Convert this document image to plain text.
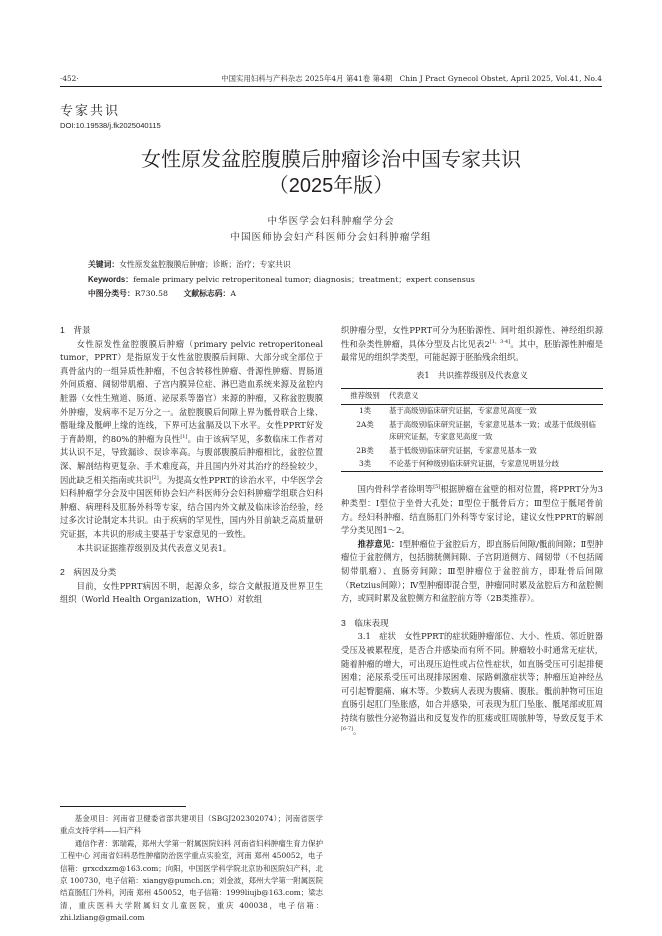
·452·	中国实用妇科与产科杂志 2025年4月 第41卷 第4期　Chin J Pract Gynecol Obstet, April 2025, Vol.41, No.4
专家共识
DOI:10.19538/j.fk2025040115
女性原发盆腔腹膜后肿瘤诊治中国专家共识
（2025年版）
中华医学会妇科肿瘤学分会
中国医师协会妇产科医师分会妇科肿瘤学组
关键词：女性原发盆腔腹膜后肿瘤；诊断；治疗；专家共识
Keywords：female primary pelvic retroperitoneal tumor; diagnosis；treatment；expert consensus
中图分类号：R730.58   文献标志码：A
1　背景

女性原发性盆腔腹膜后肿瘤（primary pelvic retroperitoneal tumor，PPRT）是指原发于女性盆腔腹膜后间隙、大部分或全部位于真骨盆内的一组异质性肿瘤，不包含转移性肿瘤、骨源性肿瘤、胃肠道外间质瘤、阔韧带肌瘤、子宫内膜异位症、淋巴造血系统来源及盆腔内脏器（女性生殖道、肠道、泌尿系等器官）来源的肿瘤，又称盆腔腹膜外肿瘤，发病率不足万分之一。盆腔腹膜后间隙上界为骶骨联合上缘、髂耻缘及骶岬上缘的连线，下界可达盆膈及以下水平。女性PPRT好发于育龄期，约80%的肿瘤为良性[1]。由于该病罕见，多数临床工作者对其认识不足，导致漏诊、误诊率高。与腹部腹膜后肿瘤相比，盆腔位置深、解剖结构更复杂、手术难度高，并且国内外对其治疗的经验较少，因此缺乏相关指南或共识[2]。为提高女性PPRT的诊治水平，中华医学会妇科肿瘤学分会及中国医师协会妇产科医师分会妇科肿瘤学组联合妇科肿瘤、病理科及肛肠外科等专家，结合国内外文献及临床诊治经验，经过多次讨论制定本共识。由于疾病的罕见性，国内外目前缺乏高质量研究证据，本共识的形成主要基于专家意见的一致性。

本共识证据推荐级别及其代表意义见表1。

2　病因及分类

目前，女性PPRT病因不明，起源众多，综合文献报道及世界卫生组织（World Health Organization，WHO）对软组

基金项目：河南省卫健委省部共建项目（SBGJ202302074）；河南省医学重点支持学科——妇产科

通信作者：郭瑞霞，郑州大学第一附属医院妇科 河南省妇科肿瘤生育力保护工程中心 河南省妇科恶性肿瘤防治医学重点实验室，河南 郑州 450052，电子信箱：grxcdxzm@163.com；向阳，中国医学科学院北京协和医院妇产科，北京 100730，电子信箱：xiangy@pumch.cn；刘金波，郑州大学第一附属医院结直肠肛门外科，河南 郑州 450052，电子信箱：1999liujb@163.com；梁志清，重庆医科大学附属妇女儿童医院，重庆 400038，电子信箱：zhi.lzliang@gmail.com

织肿瘤分型，女性PPRT可分为胚胎源性、间叶组织源性、神经组织源性和杂类性肿瘤，具体分型及占比见表2[1，3-4]。其中，胚胎源性肿瘤是最常见的组织学类型，可能起源于胚胎残余组织。

表1　共识推荐级别及代表意义
推荐级别	代表意义
1类	基于高级别临床研究证据，专家意见高度一致
2A类	基于高级别临床研究证据，专家意见基本一致；或基于低级别临床研究证据，专家意见高度一致
2B类	基于低级别临床研究证据，专家意见基本一致
3类	不论基于何种级别临床研究证据，专家意见明显分歧

国内骨科学者徐明等[5]根据肿瘤在盆壁的相对位置，将PPRT分为3种类型：Ⅰ型位于坐骨大孔处；Ⅱ型位于骶骨后方；Ⅲ型位于骶尾骨前方。经妇科肿瘤、结直肠肛门外科等专家讨论，建议女性PPRT的解剖学分类见图1～2。

推荐意见：Ⅰ型肿瘤位于盆腔后方，即直肠后间隙/骶前间隙；Ⅱ型肿瘤位于盆腔侧方，包括膀胱侧间隙、子宫阴道侧方、阔韧带（不包括阔韧带肌瘤）、直肠旁间隙；Ⅲ型肿瘤位于盆腔前方，即耻骨后间隙（Retzius间隙）；Ⅳ型肿瘤即混合型，肿瘤同时累及盆腔后方和盆腔侧方，或同时累及盆腔侧方和盆腔前方等（2B类推荐）。

3　临床表现

3.1　症状　女性PPRT的症状随肿瘤部位、大小、性质、邻近脏器受压及被累程度，是否合并感染而有所不同。肿瘤较小时通常无症状，随着肿瘤的增大，可出现压迫性或占位性症状，如直肠受压可引起排便困难；泌尿系受压可出现排尿困难、尿路刺激症状等；肿瘤压迫神经丛可引起臀腿痛、麻木等。少数病人表现为腹痛、腹胀。骶前肿物可压迫直肠引起肛门坠胀感，如合并感染，可表现为肛门坠胀、骶尾部或肛周持续有脓性分泌物溢出和反复发作的肛瘘或肛周脓肿等，导致反复手术[6-7]。
